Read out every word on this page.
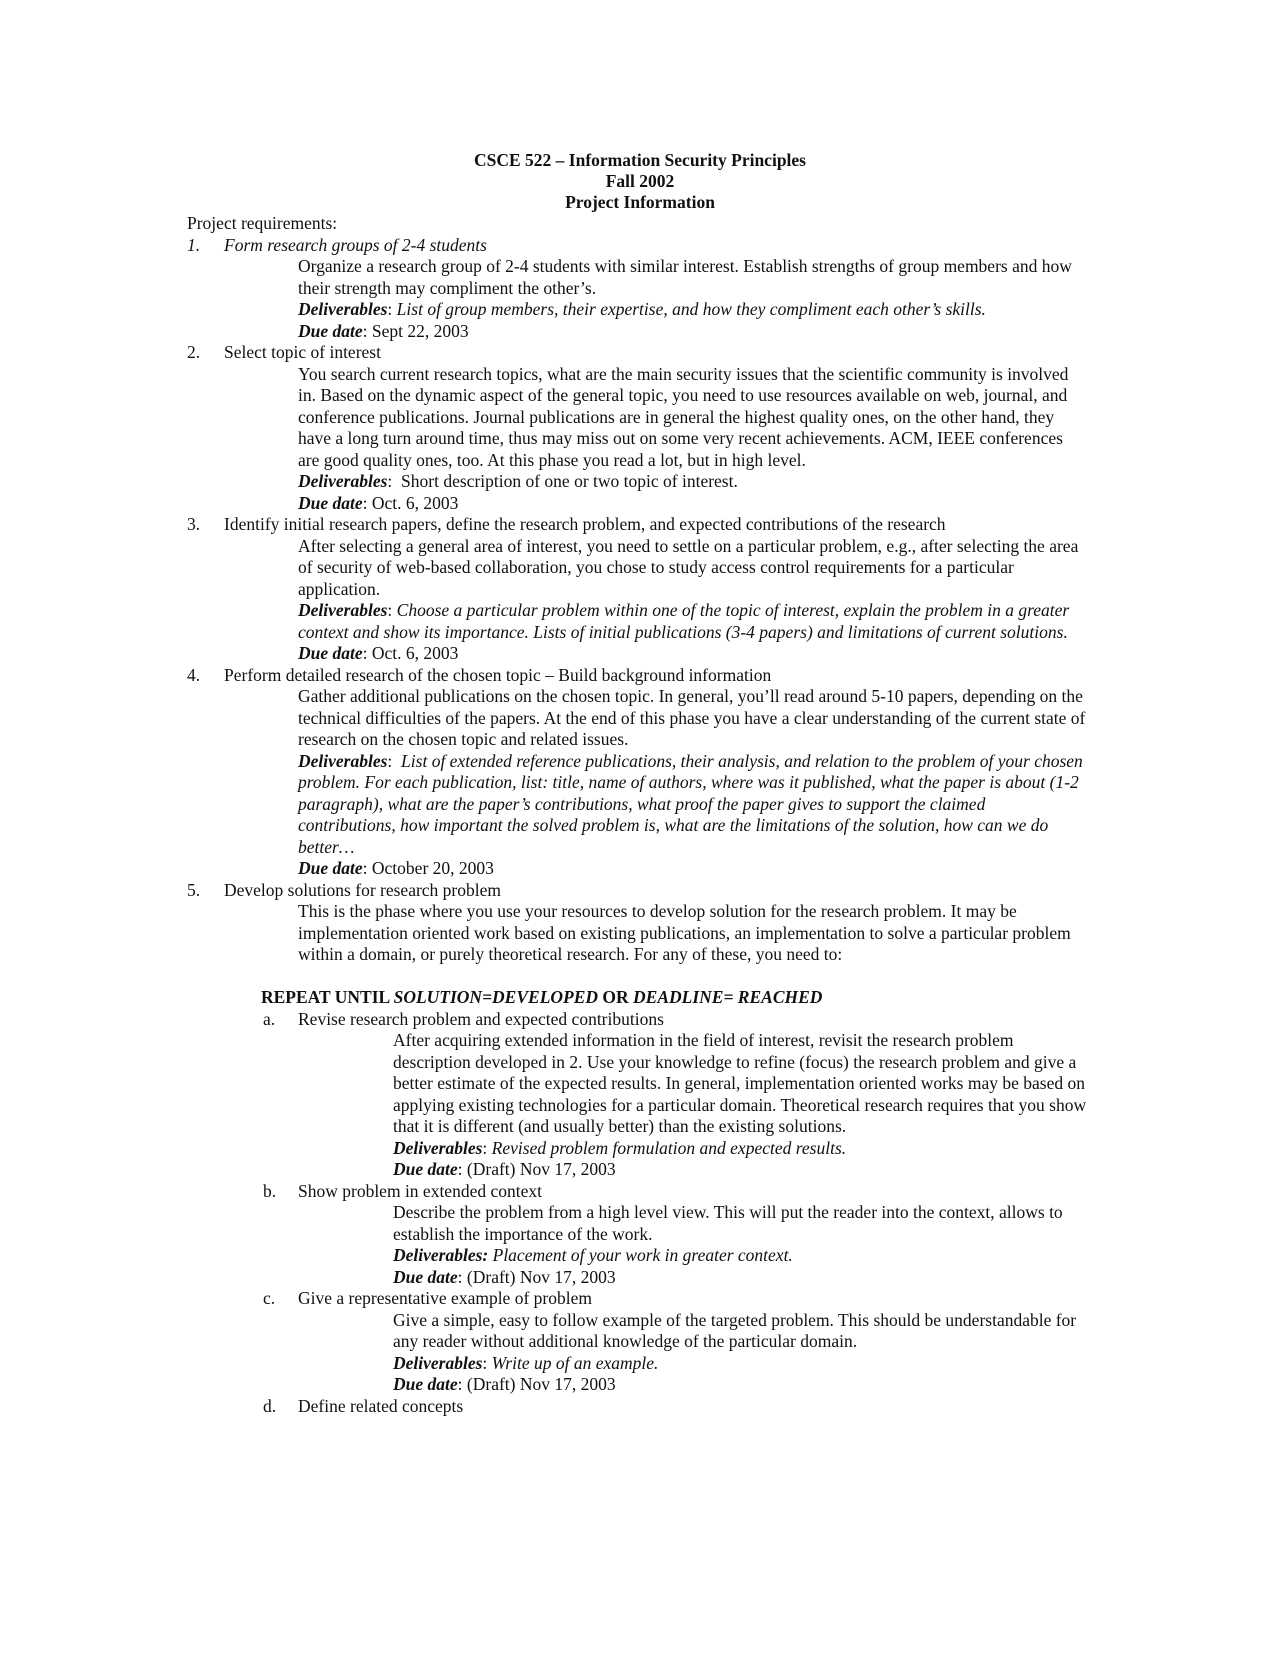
CSCE 522 – Information Security Principles
Fall 2002
Project Information
Project requirements:
1.	Form research groups of 2-4 students
Organize a research group of 2-4 students with similar interest. Establish strengths of group members and how their strength may compliment the other’s.
Deliverables: List of group members, their expertise, and how they compliment each other’s skills.
Due date: Sept 22, 2003
2.	Select topic of interest
You search current research topics, what are the main security issues that the scientific community is involved in. Based on the dynamic aspect of the general topic, you need to use resources available on web, journal, and conference publications. Journal publications are in general the highest quality ones, on the other hand, they have a long turn around time, thus may miss out on some very recent achievements. ACM, IEEE conferences are good quality ones, too. At this phase you read a lot, but in high level.
Deliverables:  Short description of one or two topic of interest.
Due date: Oct. 6, 2003
3.	Identify initial research papers, define the research problem, and expected contributions of the research
After selecting a general area of interest, you need to settle on a particular problem, e.g., after selecting the area of security of web-based collaboration, you chose to study access control requirements for a particular application.
Deliverables: Choose a particular problem within one of the topic of interest, explain the problem in a greater context and show its importance. Lists of initial publications (3-4 papers) and limitations of current solutions.
Due date: Oct. 6, 2003
4.	Perform detailed research of the chosen topic – Build background information
Gather additional publications on the chosen topic. In general, you’ll read around 5-10 papers, depending on the technical difficulties of the papers. At the end of this phase you have a clear understanding of the current state of research on the chosen topic and related issues.
Deliverables:  List of extended reference publications, their analysis, and relation to the problem of your chosen problem. For each publication, list: title, name of authors, where was it published, what the paper is about (1-2 paragraph), what are the paper’s contributions, what proof the paper gives to support the claimed contributions, how important the solved problem is, what are the limitations of the solution, how can we do better…
Due date: October 20, 2003
5.	Develop solutions for research problem
This is the phase where you use your resources to develop solution for the research problem. It may be implementation oriented work based on existing publications, an implementation to solve a particular problem within a domain, or purely theoretical research. For any of these, you need to:
REPEAT UNTIL SOLUTION=DEVELOPED OR DEADLINE= REACHED
a.	Revise research problem and expected contributions
After acquiring extended information in the field of interest, revisit the research problem description developed in 2. Use your knowledge to refine (focus) the research problem and give a better estimate of the expected results. In general, implementation oriented works may be based on applying existing technologies for a particular domain. Theoretical research requires that you show that it is different (and usually better) than the existing solutions.
Deliverables: Revised problem formulation and expected results.
Due date: (Draft) Nov 17, 2003
b.	Show problem in extended context
Describe the problem from a high level view. This will put the reader into the context, allows to establish the importance of the work.
Deliverables: Placement of your work in greater context.
Due date: (Draft) Nov 17, 2003
c.	Give a representative example of problem
Give a simple, easy to follow example of the targeted problem. This should be understandable for any reader without additional knowledge of the particular domain.
Deliverables: Write up of an example.
Due date: (Draft) Nov 17, 2003
d.	Define related concepts
